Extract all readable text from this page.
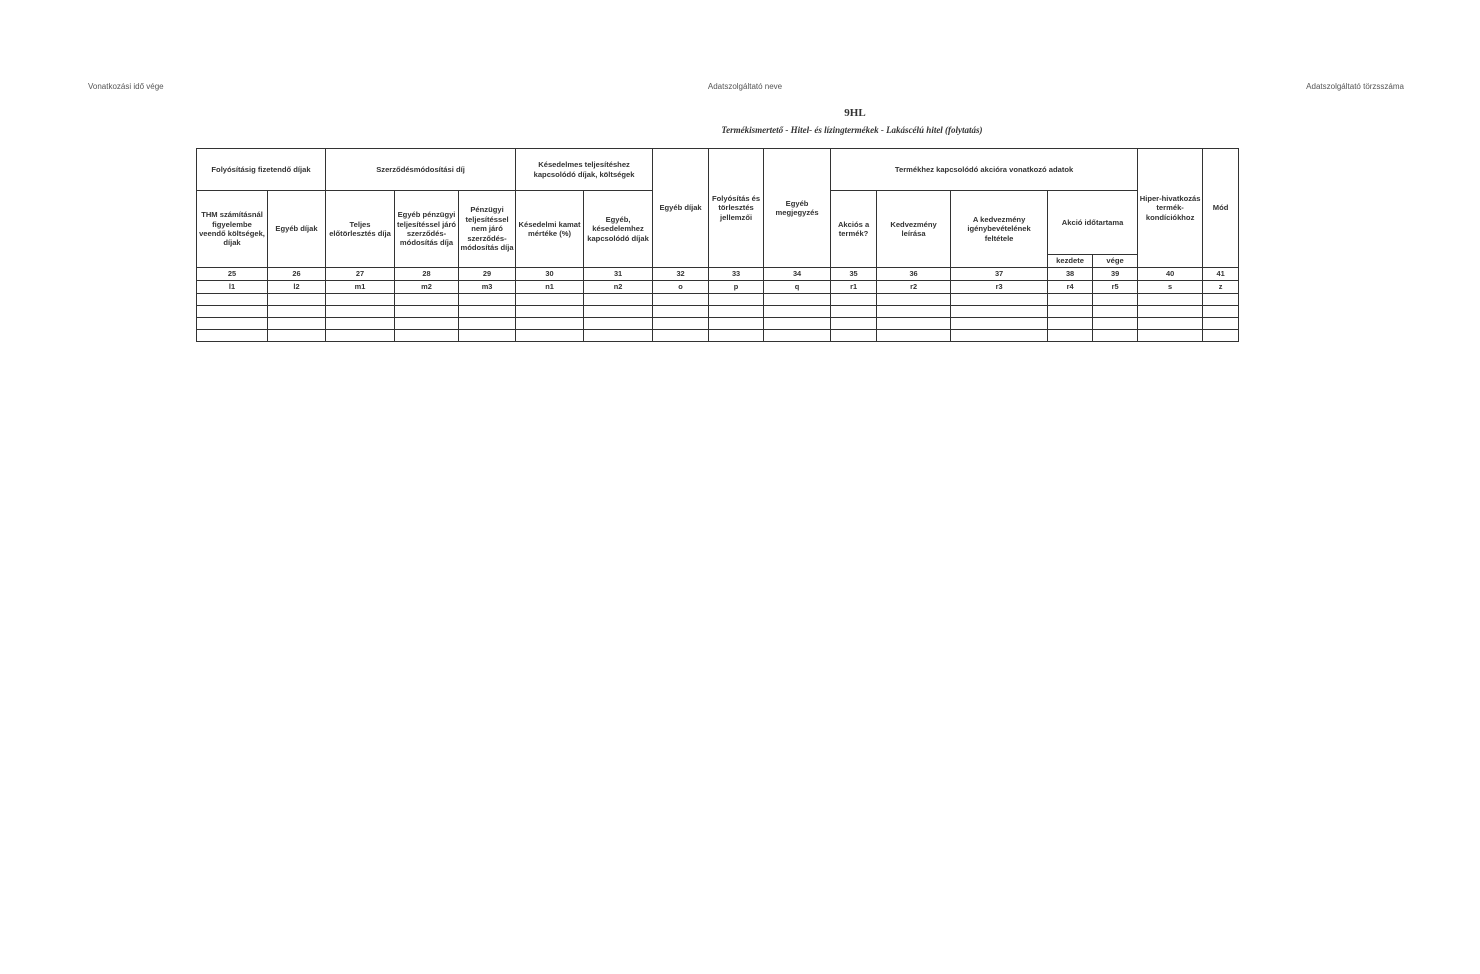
Vonatkozási idő vége	Adatszolgáltató neve	Adatszolgáltató törzsszáma
9HL
Termékismertető - Hitel- és lízingtermékek - Lakáscélú hitel (folytatás)
Folyósításig fizetendő díjak		Szerződésmódosítási díj			Késedelmes teljesítéshez kapcsolódó díjak, költségek		Egyéb díjak	Folyósítás és törlesztés jellemzői	Egyéb megjegyzés	Termékhez kapcsolódó akcióra vonatkozó adatok					Hiper-hivatkozás termék-kondíciókhoz	Mód
THM számításnál figyelembe veendő költségek, díjak	Egyéb díjak	Teljes előtörlesztés díja	Egyéb pénzügyi teljesítéssel járó szerződés-módosítás díja	Pénzügyi teljesítéssel nem járó szerződés-módosítás díja	Késedelmi kamat mértéke (%)	Egyéb, késedelemhez kapcsolódó díjak				Akciós a termék?	Kedvezmény leírása	A kedvezmény igénybevételének feltétele	Akció időtartama			
													kezdete	vége		
25	26	27	28	29	30	31	32	33	34	35	36	37	38	39	40	41
l1	l2	m1	m2	m3	n1	n2	o	p	q	r1	r2	r3	r4	r5	s	z
